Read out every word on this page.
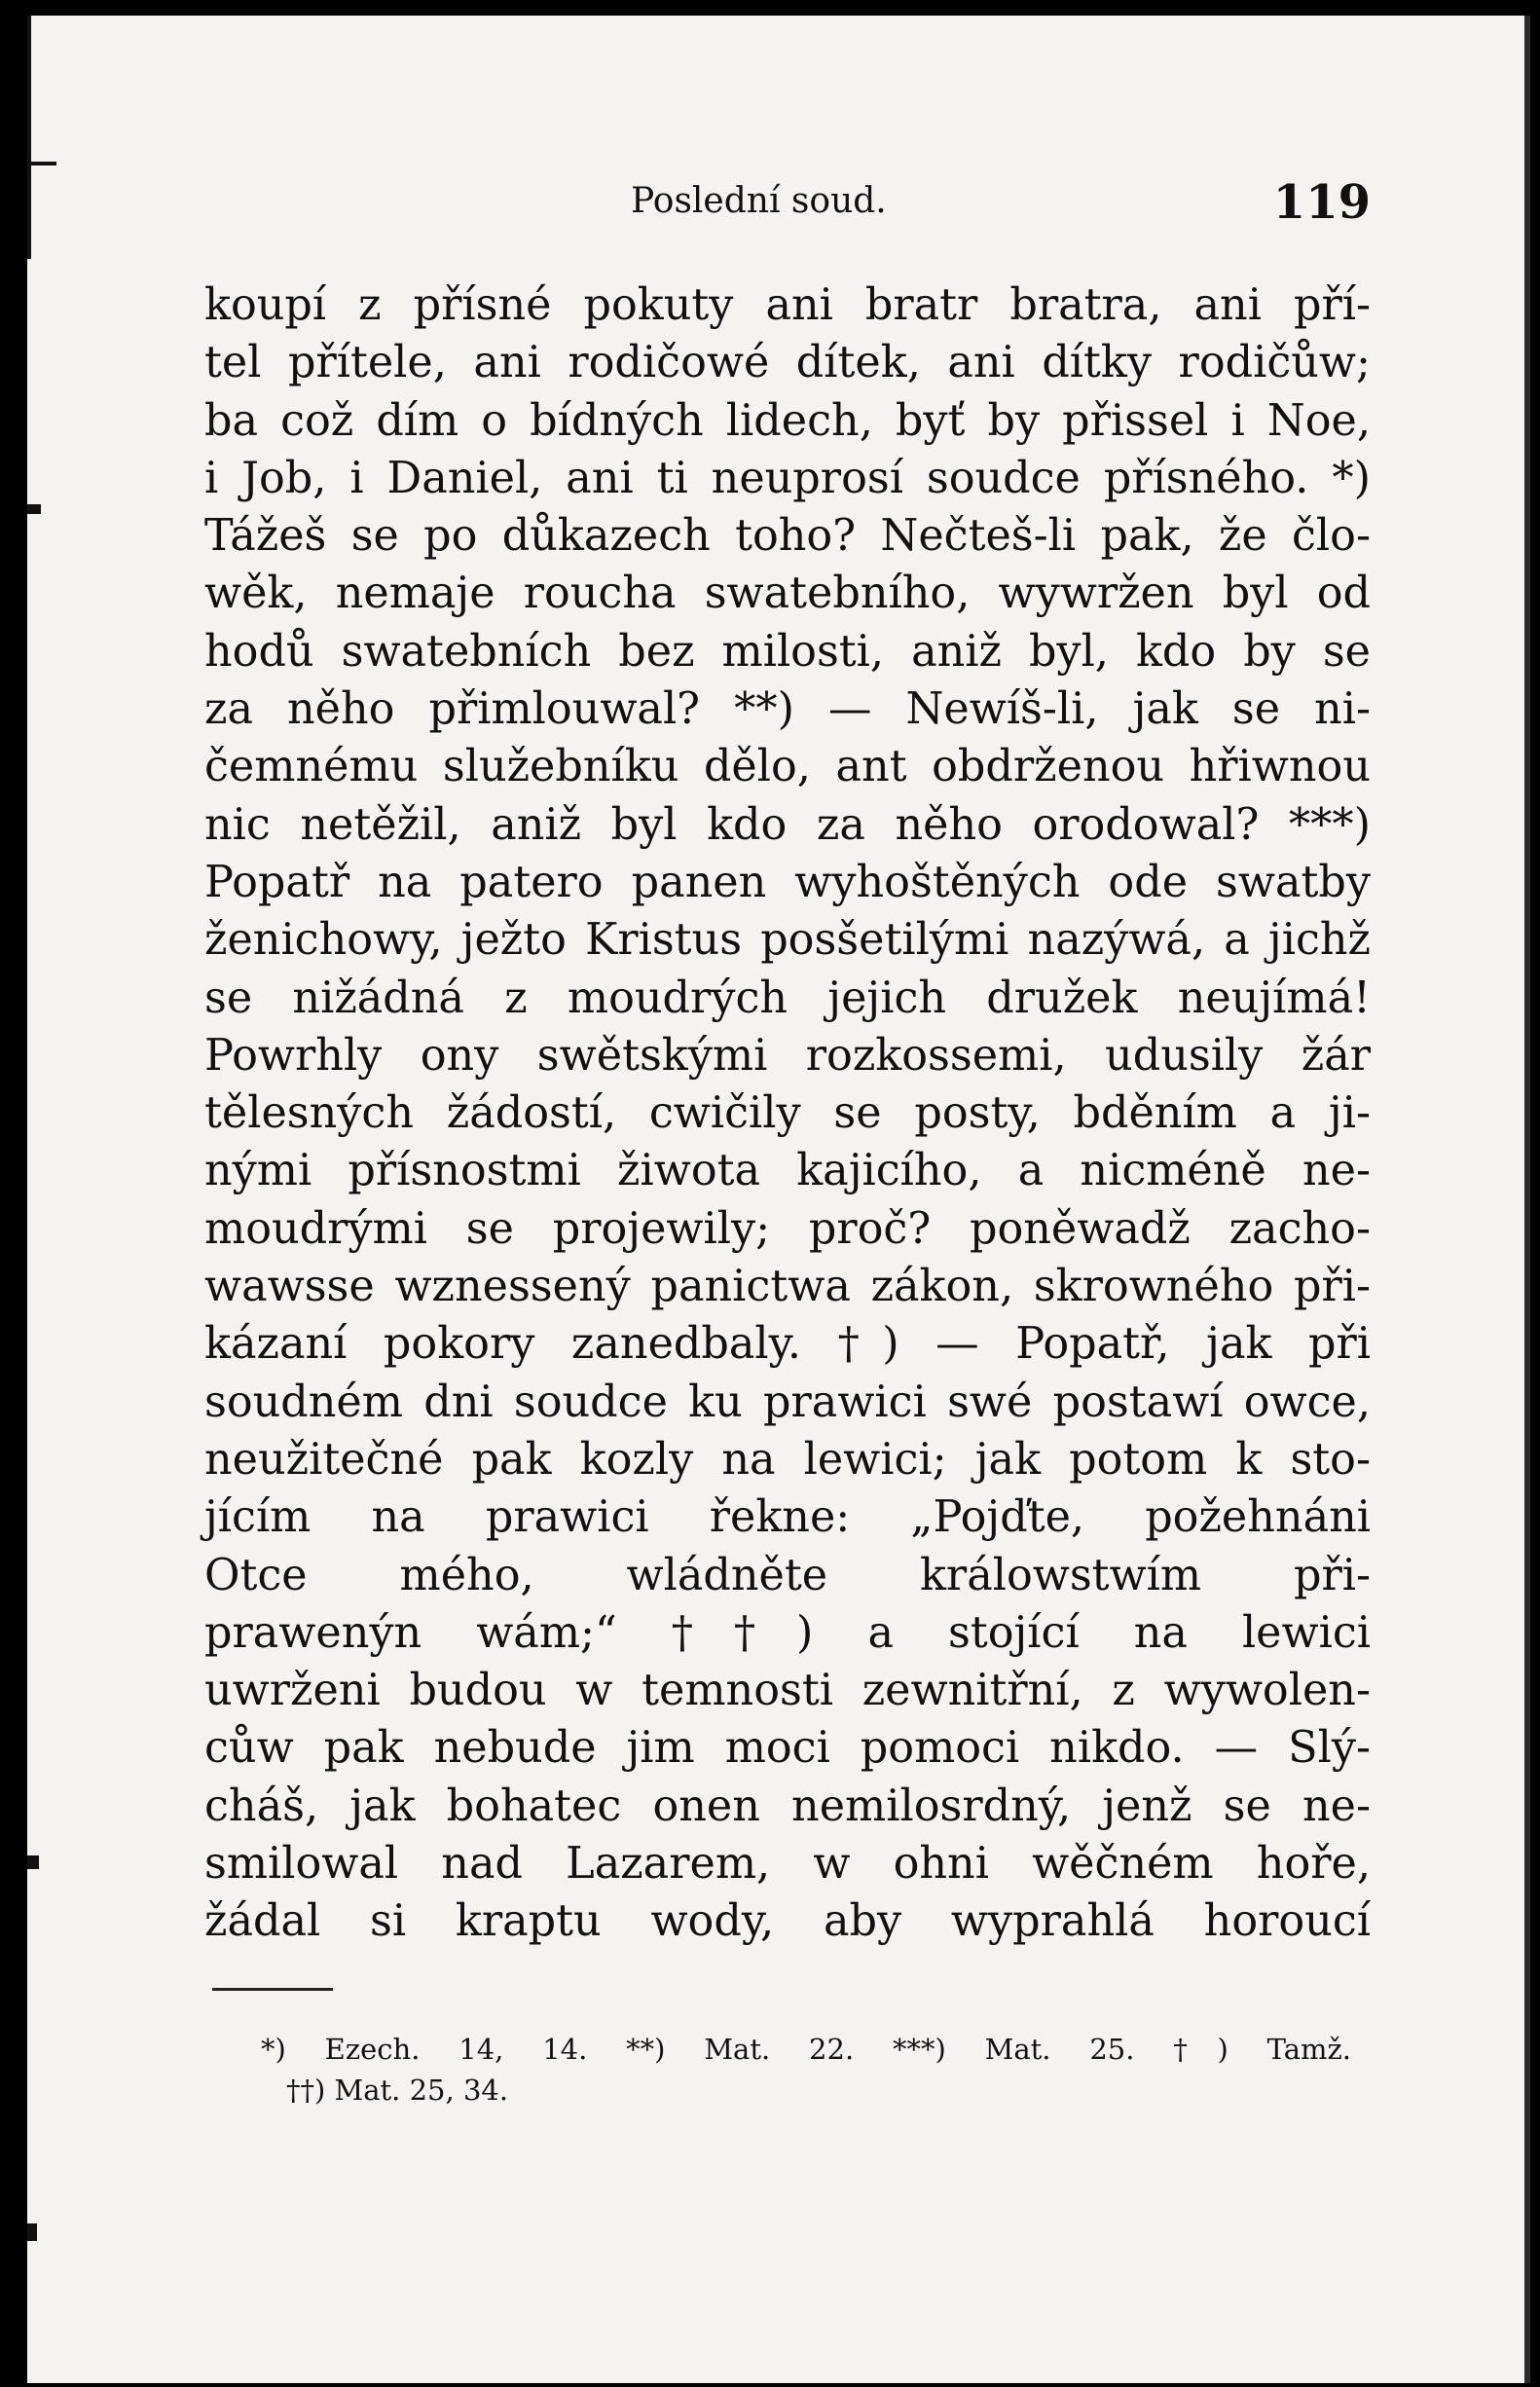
Poslední soud.	119
koupí z přísné pokuty ani bratr bratra, ani pří-
tel přítele, ani rodičowé dítek, ani dítky rodičůw;
ba což dím o bídných lidech, byť by přissel i Noe,
i Job, i Daniel, ani ti neuprosí soudce přísného. *)
Tážeš se po důkazech toho? Nečteš-li pak, že člo-
wěk, nemaje roucha swatebního, wywržen byl od
hodů swatebních bez milosti, aniž byl, kdo by se
za něho přimlouwal? **) — Newíš-li, jak se ni-
čemnému služebníku dělo, ant obdrženou hřiwnou
nic netěžil, aniž byl kdo za něho orodowal? ***)
Popatř na patero panen wyhoštěných ode swatby
ženichowy, ježto Kristus posšetilými nazýwá, a jichž
se nižádná z moudrých jejich družek neujímá!
Powrhly ony swětskými rozkossemi, udusily žár
tělesných žádostí, cwičily se posty, bděním a ji-
nými přísnostmi žiwota kajicího, a nicméně ne-
moudrými se projewily; proč? poněwadž zacho-
wawsse wznessený panictwa zákon, skrowného při-
kázaní pokory zanedbaly. †) — Popatř, jak při
soudném dni soudce ku prawici swé postawí owce,
neužitečné pak kozly na lewici; jak potom k sto-
jícím na prawici řekne: „Pojďte, požehnáni
Otce mého, wládněte králowstwím při-
prawenýn wám;“ ††) a stojící na lewici
uwrženi budou w temnosti zewnitřní, z wywolen-
cůw pak nebude jim moci pomoci nikdo. — Slý-
cháš, jak bohatec onen nemilosrdný, jenž se ne-
smilowal nad Lazarem, w ohni wěčném hoře,
žádal si kraptu wody, aby wyprahlá horoucí
*) Ezech. 14, 14. **) Mat. 22. ***) Mat. 25. †) Tamž.
††) Mat. 25, 34.
